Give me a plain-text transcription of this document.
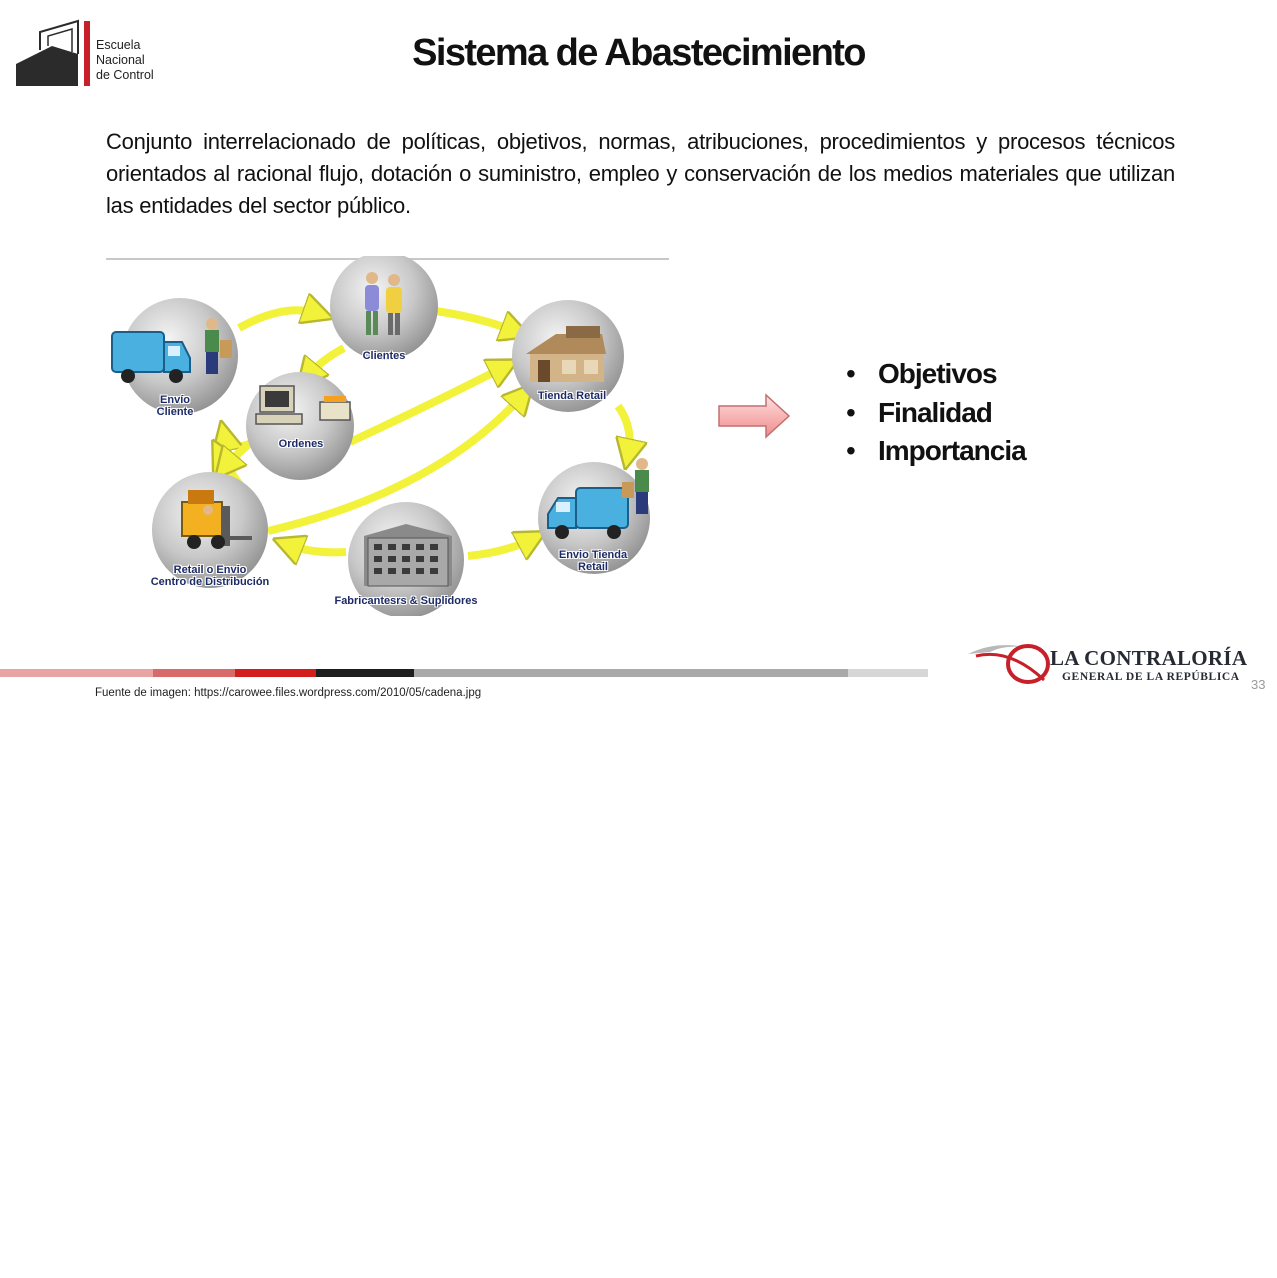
Escuela
Nacional
de Control
Sistema de Abastecimiento

Conjunto interrelacionado de políticas, objetivos, normas, atribuciones, procedimientos y procesos técnicos orientados al racional flujo, dotación o suministro, empleo y conservación de los medios materiales que utilizan las entidades del sector público.

Clientes
Tienda Retail
Envío
Cliente
Ordenes
Retail o Envio
Centro de Distribución
Fabricantesrs & Suplidores
Envio Tienda
Retail
• Objetivos
• Finalidad
• Importancia
LA CONTRALORÍA
GENERAL DE LA REPÚBLICA 33
Fuente de imagen: https://carowee.files.wordpress.com/2010/05/cadena.jpg
